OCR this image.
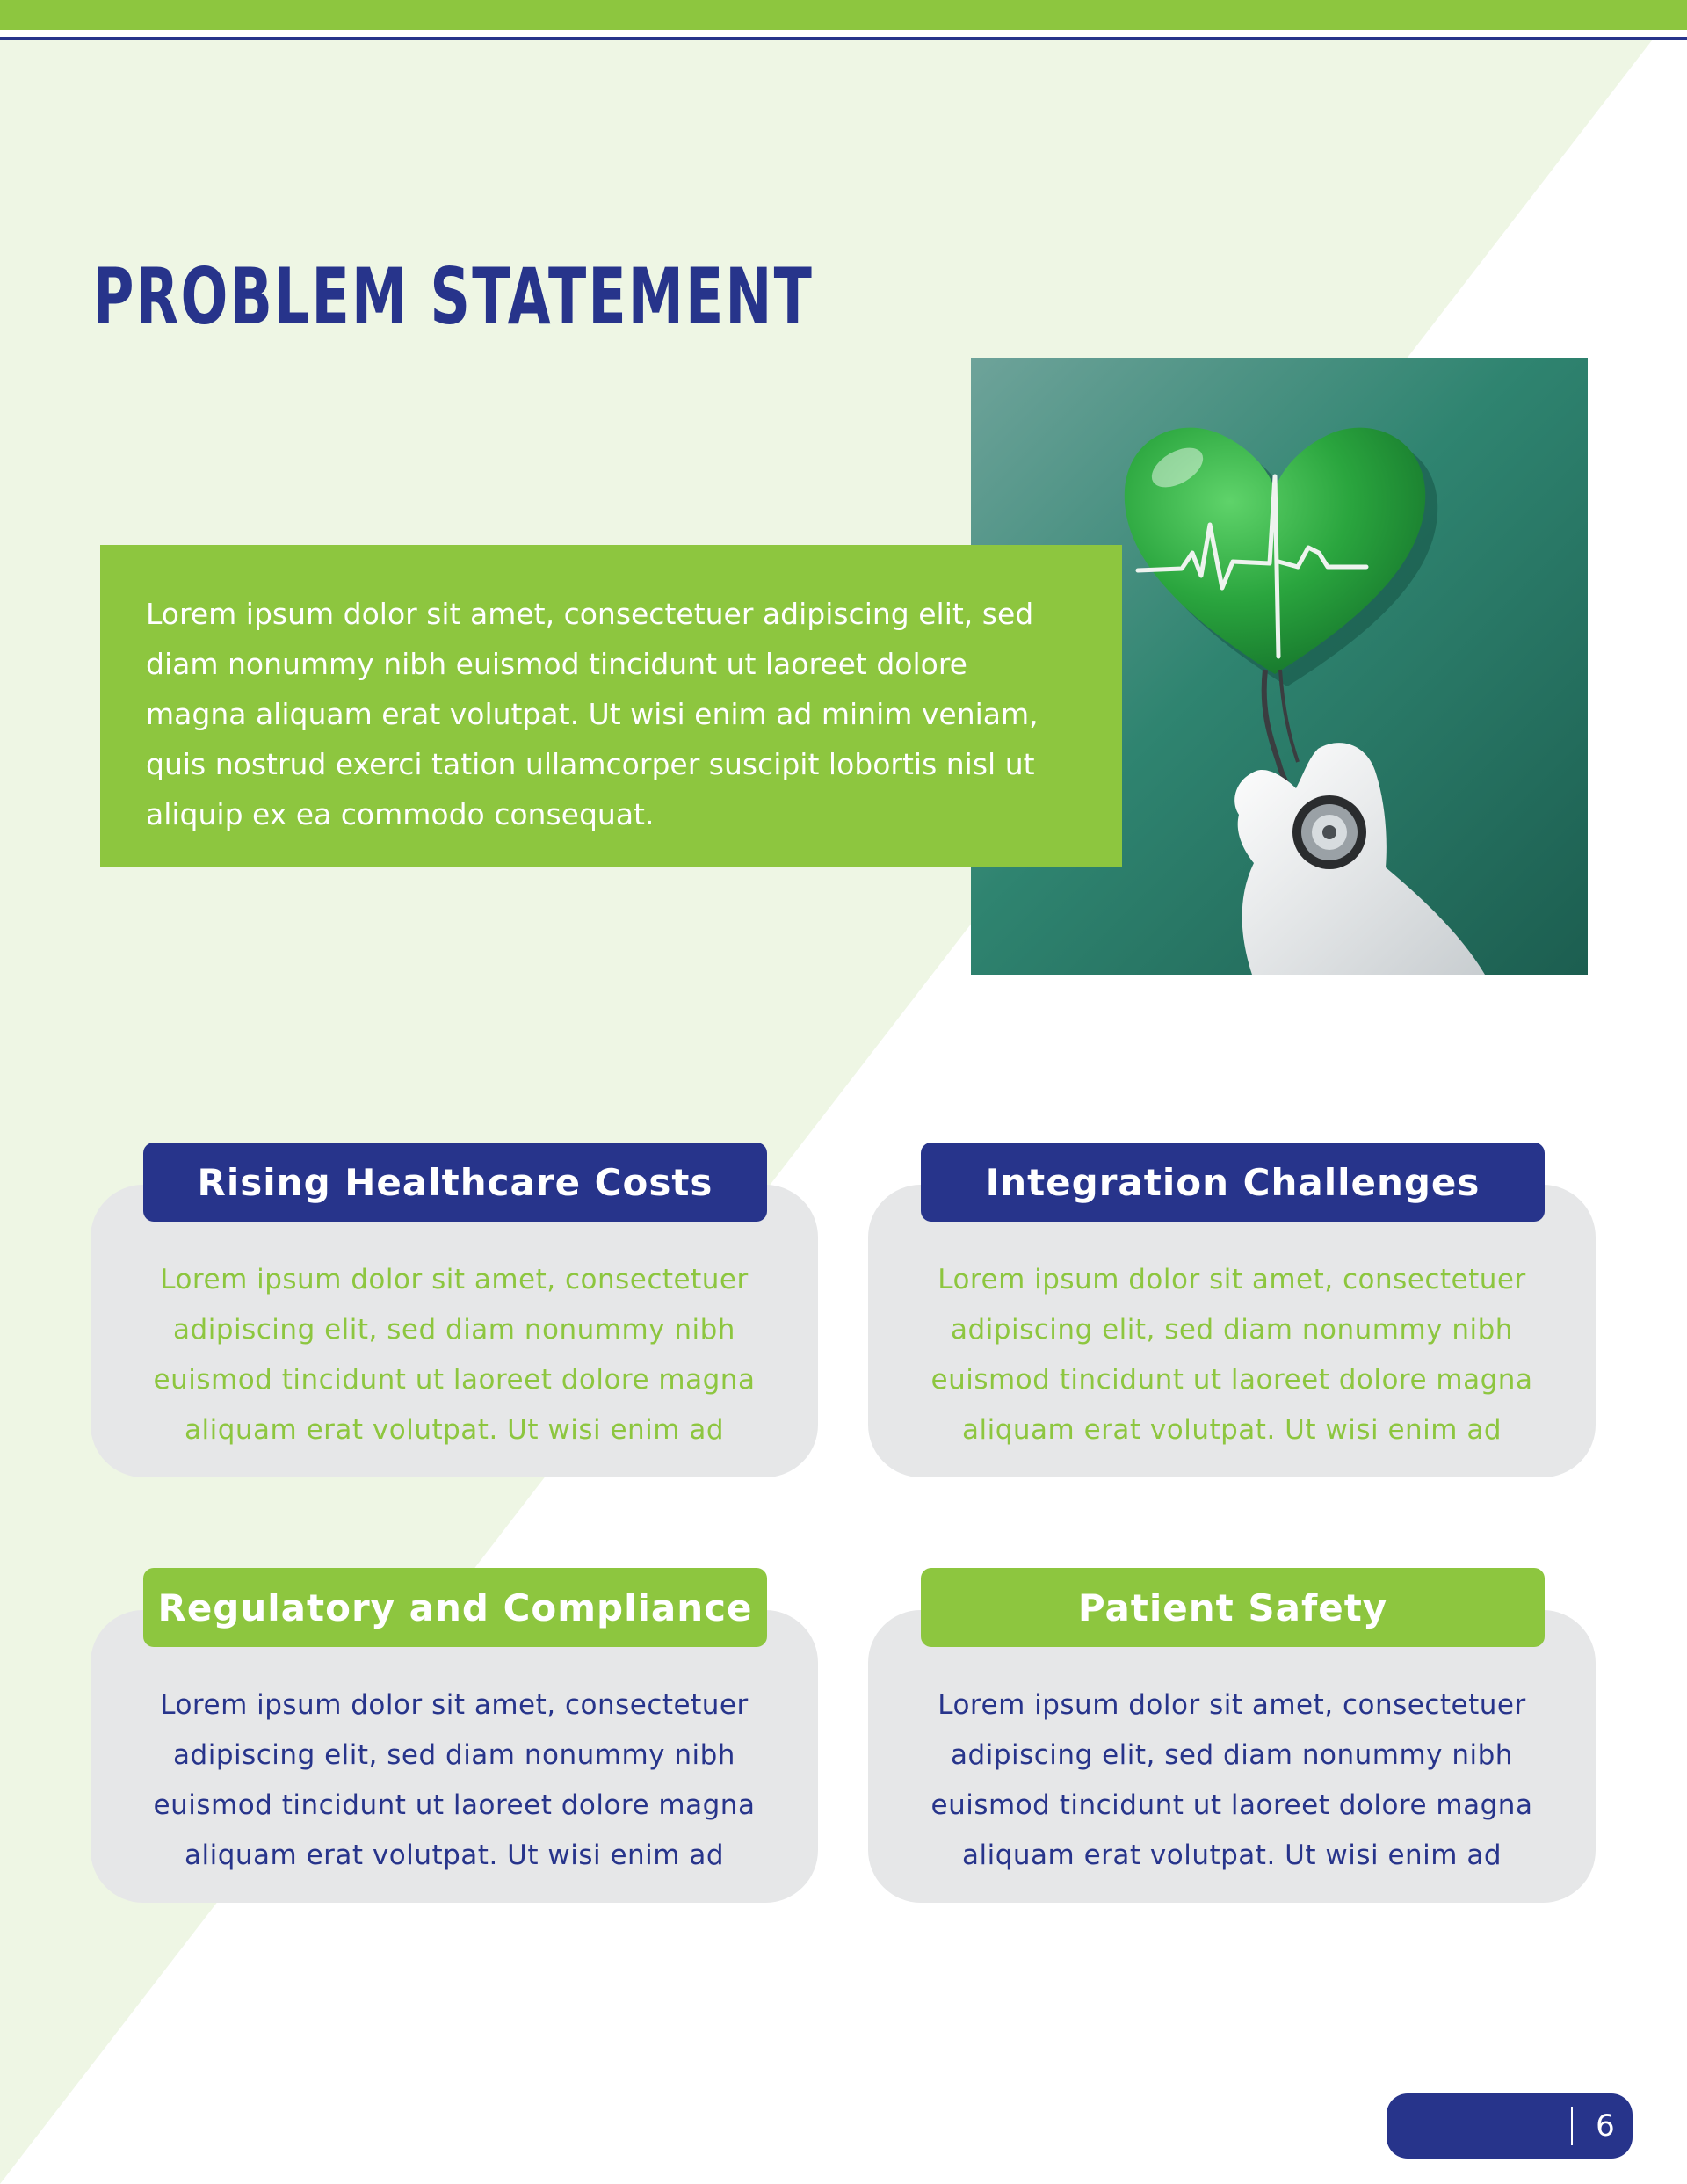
PROBLEM STATEMENT

Lorem ipsum dolor sit amet, consectetuer adipiscing elit, sed diam nonummy nibh euismod tincidunt ut laoreet dolore magna aliquam erat volutpat. Ut wisi enim ad minim veniam, quis nostrud exerci tation ullamcorper suscipit lobortis nisl ut aliquip ex ea commodo consequat.

Lorem ipsum dolor sit amet, consectetuer adipiscing elit, sed diam nonummy nibh euismod tincidunt ut laoreet dolore magna aliquam erat volutpat. Ut wisi enim ad

Rising Healthcare Costs

Lorem ipsum dolor sit amet, consectetuer adipiscing elit, sed diam nonummy nibh euismod tincidunt ut laoreet dolore magna aliquam erat volutpat. Ut wisi enim ad

Integration Challenges

Lorem ipsum dolor sit amet, consectetuer adipiscing elit, sed diam nonummy nibh euismod tincidunt ut laoreet dolore magna aliquam erat volutpat. Ut wisi enim ad

Regulatory and Compliance

Lorem ipsum dolor sit amet, consectetuer adipiscing elit, sed diam nonummy nibh euismod tincidunt ut laoreet dolore magna aliquam erat volutpat. Ut wisi enim ad

Patient Safety
6
